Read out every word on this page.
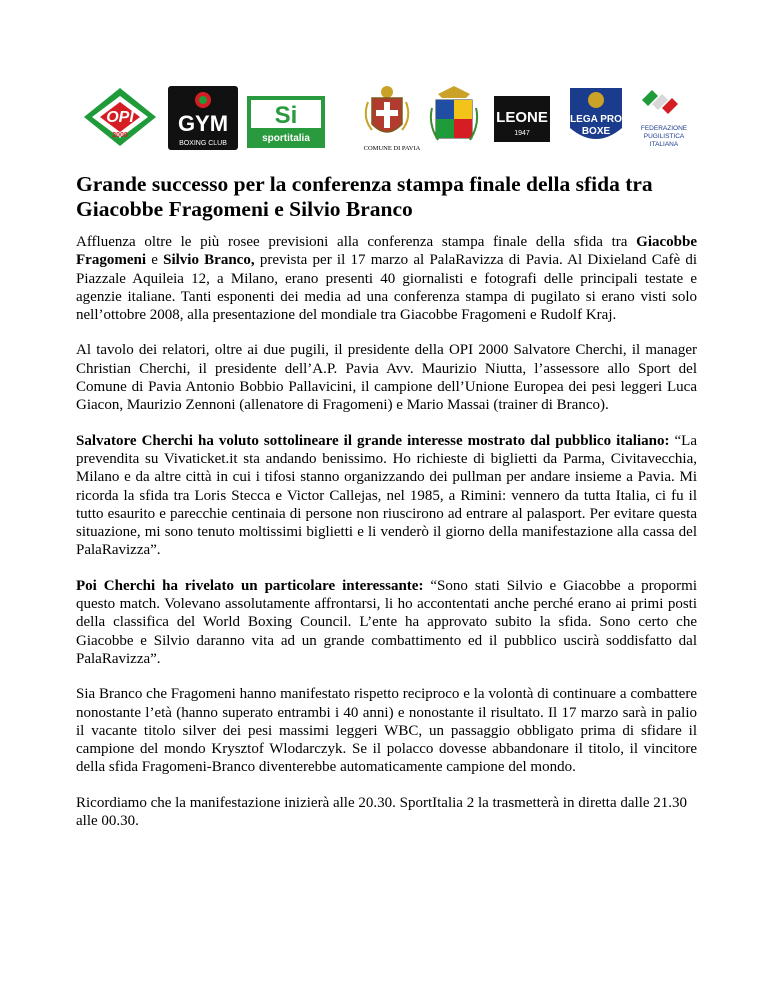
OPI
2000 GYM
BOXING CLUB
Si
sportitalia
COMUNE DI PAVIA
LEONE
1947
LEGA PRO
BOXE	FEDERAZIONE
PUGILISTICA
ITALIANA
Grande successo per la conferenza stampa finale della sfida tra Giacobbe Fragomeni e Silvio Branco

Affluenza oltre le più rosee previsioni alla conferenza stampa finale della sfida tra Giacobbe Fragomeni e Silvio Branco, prevista per il 17 marzo al PalaRavizza di Pavia. Al Dixieland Cafè di Piazzale Aquileia 12, a Milano, erano presenti 40 giornalisti e fotografi delle principali testate e agenzie italiane. Tanti esponenti dei media ad una conferenza stampa di pugilato si erano visti solo nell’ottobre 2008, alla presentazione del mondiale tra Giacobbe Fragomeni e Rudolf Kraj.

Al tavolo dei relatori, oltre ai due pugili, il presidente della OPI 2000 Salvatore Cherchi, il manager Christian Cherchi, il presidente dell’A.P. Pavia Avv. Maurizio Niutta, l’assessore allo Sport del Comune di Pavia Antonio Bobbio Pallavicini, il campione dell’Unione Europea dei pesi leggeri Luca Giacon, Maurizio Zennoni (allenatore di Fragomeni) e Mario Massai (trainer di Branco).

Salvatore Cherchi ha voluto sottolineare il grande interesse mostrato dal pubblico italiano: “La prevendita su Vivaticket.it sta andando benissimo. Ho richieste di biglietti da Parma, Civitavecchia, Milano e da altre città in cui i tifosi stanno organizzando dei pullman per andare insieme a Pavia. Mi ricorda la sfida tra Loris Stecca e Victor Callejas, nel 1985, a Rimini: vennero da tutta Italia, ci fu il tutto esaurito e parecchie centinaia di persone non riuscirono ad entrare al palasport. Per evitare questa situazione, mi sono tenuto moltissimi biglietti e li venderò il giorno della manifestazione alla cassa del PalaRavizza”.

Poi Cherchi ha rivelato un particolare interessante: “Sono stati Silvio e Giacobbe a propormi questo match. Volevano assolutamente affrontarsi, li ho accontentati anche perché erano ai primi posti della classifica del World Boxing Council. L’ente ha approvato subito la sfida. Sono certo che Giacobbe e Silvio daranno vita ad un grande combattimento ed il pubblico uscirà soddisfatto dal PalaRavizza”.

Sia Branco che Fragomeni hanno manifestato rispetto reciproco e la volontà di continuare a combattere nonostante l’età (hanno superato entrambi i 40 anni) e nonostante il risultato. Il 17 marzo sarà in palio il vacante titolo silver dei pesi massimi leggeri WBC, un passaggio obbligato prima di sfidare il campione del mondo Krysztof Wlodarczyk. Se il polacco dovesse abbandonare il titolo, il vincitore della sfida Fragomeni-Branco diventerebbe automaticamente campione del mondo.

Ricordiamo che la manifestazione inizierà alle 20.30. SportItalia 2 la trasmetterà in diretta dalle 21.30 alle 00.30.
